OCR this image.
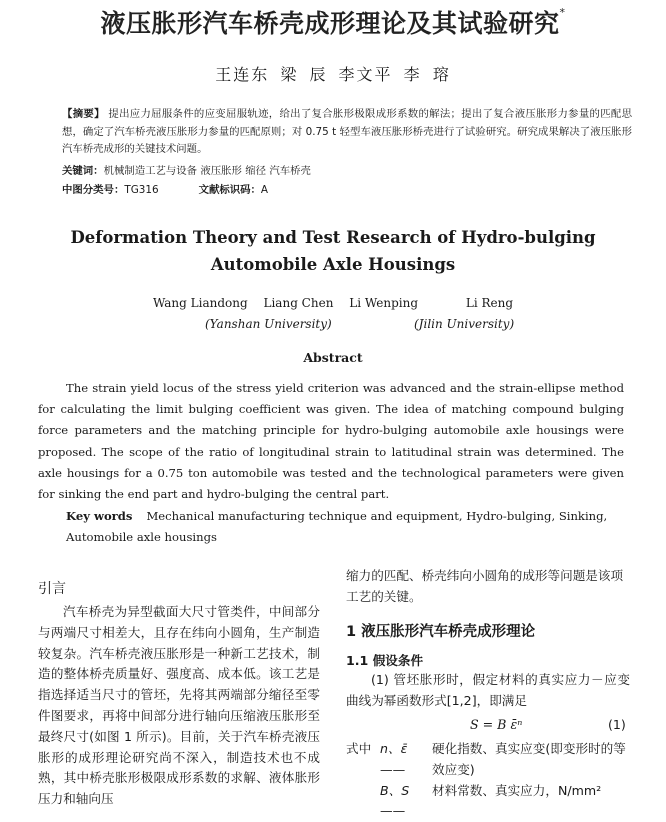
液压胀形汽车桥壳成形理论及其试验研究*
王连东 梁 辰 李文平 李 瑢
【摘要】 提出应力屈服条件的应变屈服轨迹，给出了复合胀形极限成形系数的解法；提出了复合液压胀形力参量的匹配思想，确定了汽车桥壳液压胀形力参量的匹配原则；对 0.75 t 轻型车液压胀形桥壳进行了试验研究。研究成果解决了液压胀形汽车桥壳成形的关键技术问题。
关键词：机械制造工艺与设备 液压胀形 缩径 汽车桥壳
中图分类号：TG316	文献标识码：A
Deformation Theory and Test Research of Hydro-bulging
Automobile Axle Housings
Wang Liandong Liang Chen Li Wenping	Li Reng
(Yanshan University)	(Jilin University)
Abstract
The strain yield locus of the stress yield criterion was advanced and the strain-ellipse method for calculating the limit bulging coefficient was given. The idea of matching compound bulging force parameters and the matching principle for hydro-bulging automobile axle housings were proposed. The scope of the ratio of longitudinal strain to latitudinal strain was determined. The axle housings for a 0.75 ton automobile was tested and the technological parameters were given for sinking the end part and hydro-bulging the central part.
Key words Mechanical manufacturing technique and equipment, Hydro-bulging, Sinking, Automobile axle housings
引言

汽车桥壳为异型截面大尺寸管类件，中间部分与两端尺寸相差大，且存在纬向小圆角，生产制造较复杂。汽车桥壳液压胀形是一种新工艺技术，制造的整体桥壳质量好、强度高、成本低。该工艺是指选择适当尺寸的管坯，先将其两端部分缩径至零件图要求，再将中间部分进行轴向压缩液压胀形至最终尺寸(如图 1 所示)。目前，关于汽车桥壳液压胀形的成形理论研究尚不深入，制造技术也不成熟，其中桥壳胀形极限成形系数的求解、液体胀形压力和轴向压

缩力的匹配、桥壳纬向小圆角的成形等问题是该项工艺的关键。
1 液压胀形汽车桥壳成形理论
1.1 假设条件
(1) 管坯胀形时，假定材料的真实应力－应变曲线为幂函数形式[1,2]，即满足
S = B ε̄ⁿ	(1)
式中 n、ε̄——
硬化指数、真实应变(即变形时的等效应变)
B、S——
材料常数、真实应力，N/mm²
